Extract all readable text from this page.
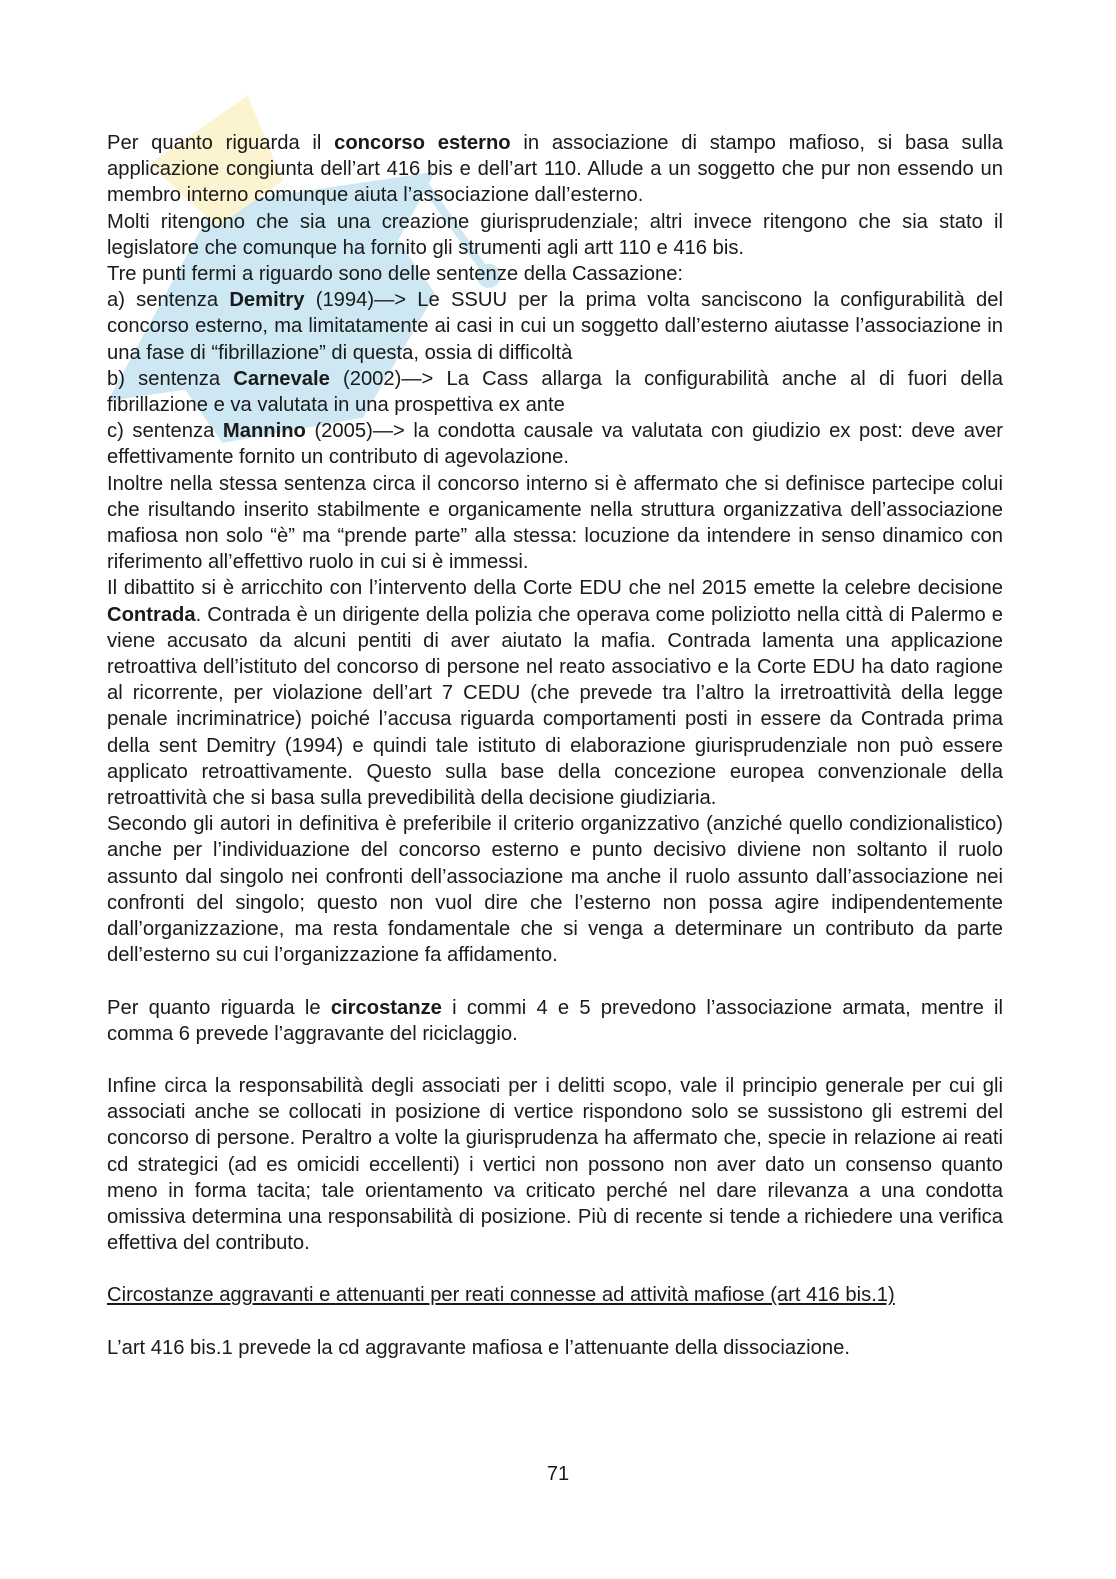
Per quanto riguarda il concorso esterno in associazione di stampo mafioso, si basa sulla applicazione congiunta dell’art 416 bis e dell’art 110. Allude a un soggetto che pur non essendo un membro interno comunque aiuta l’associazione dall’esterno.

Molti ritengono che sia una creazione giurisprudenziale; altri invece ritengono che sia stato il legislatore che comunque ha fornito gli strumenti agli artt 110 e 416 bis.

Tre punti fermi a riguardo sono delle sentenze della Cassazione:

a) sentenza Demitry (1994)—> Le SSUU per la prima volta sanciscono la configurabilità del concorso esterno, ma limitatamente ai casi in cui un soggetto dall’esterno aiutasse l’associazione in una fase di “fibrillazione” di questa, ossia di difficoltà

b) sentenza Carnevale (2002)—> La Cass allarga la configurabilità anche al di fuori della fibrillazione e va valutata in una prospettiva ex ante

c) sentenza Mannino (2005)—> la condotta causale va valutata con giudizio ex post: deve aver effettivamente fornito un contributo di agevolazione.

Inoltre nella stessa sentenza circa il concorso interno si è affermato che si definisce partecipe colui che risultando inserito stabilmente e organicamente nella struttura organizzativa dell’associazione mafiosa non solo “è” ma “prende parte” alla stessa: locuzione da intendere in senso dinamico con riferimento all’effettivo ruolo in cui si è immessi.

Il dibattito si è arricchito con l’intervento della Corte EDU che nel 2015 emette la celebre decisione Contrada. Contrada è un dirigente della polizia che operava come poliziotto nella città di Palermo e viene accusato da alcuni pentiti di aver aiutato la mafia. Contrada lamenta una applicazione retroattiva dell’istituto del concorso di persone nel reato associativo e la Corte EDU ha dato ragione al ricorrente, per violazione dell’art 7 CEDU (che prevede tra l’altro la irretroattività della legge penale incriminatrice) poiché l’accusa riguarda comportamenti posti in essere da Contrada prima della sent Demitry (1994) e quindi tale istituto di elaborazione giurisprudenziale non può essere applicato retroattivamente. Questo sulla base della concezione europea convenzionale della retroattività che si basa sulla prevedibilità della decisione giudiziaria.

Secondo gli autori in definitiva è preferibile il criterio organizzativo (anziché quello condizionalistico) anche per l’individuazione del concorso esterno e punto decisivo diviene non soltanto il ruolo assunto dal singolo nei confronti dell’associazione ma anche il ruolo assunto dall’associazione nei confronti del singolo; questo non vuol dire che l’esterno non possa agire indipendentemente dall’organizzazione, ma resta fondamentale che si venga a determinare un contributo da parte dell’esterno su cui l’organizzazione fa affidamento.

Per quanto riguarda le circostanze i commi 4 e 5 prevedono l’associazione armata, mentre il comma 6 prevede l’aggravante del riciclaggio.

Infine circa la responsabilità degli associati per i delitti scopo, vale il principio generale per cui gli associati anche se collocati in posizione di vertice rispondono solo se sussistono gli estremi del concorso di persone. Peraltro a volte la giurisprudenza ha affermato che, specie in relazione ai reati cd strategici (ad es omicidi eccellenti) i vertici non possono non aver dato un consenso quanto meno in forma tacita; tale orientamento va criticato perché nel dare rilevanza a una condotta omissiva determina una responsabilità di posizione. Più di recente si tende a richiedere una verifica effettiva del contributo.

Circostanze aggravanti e attenuanti per reati connesse ad attività mafiose (art 416 bis.1)

L’art 416 bis.1 prevede la cd aggravante mafiosa e l’attenuante della dissociazione.

71
